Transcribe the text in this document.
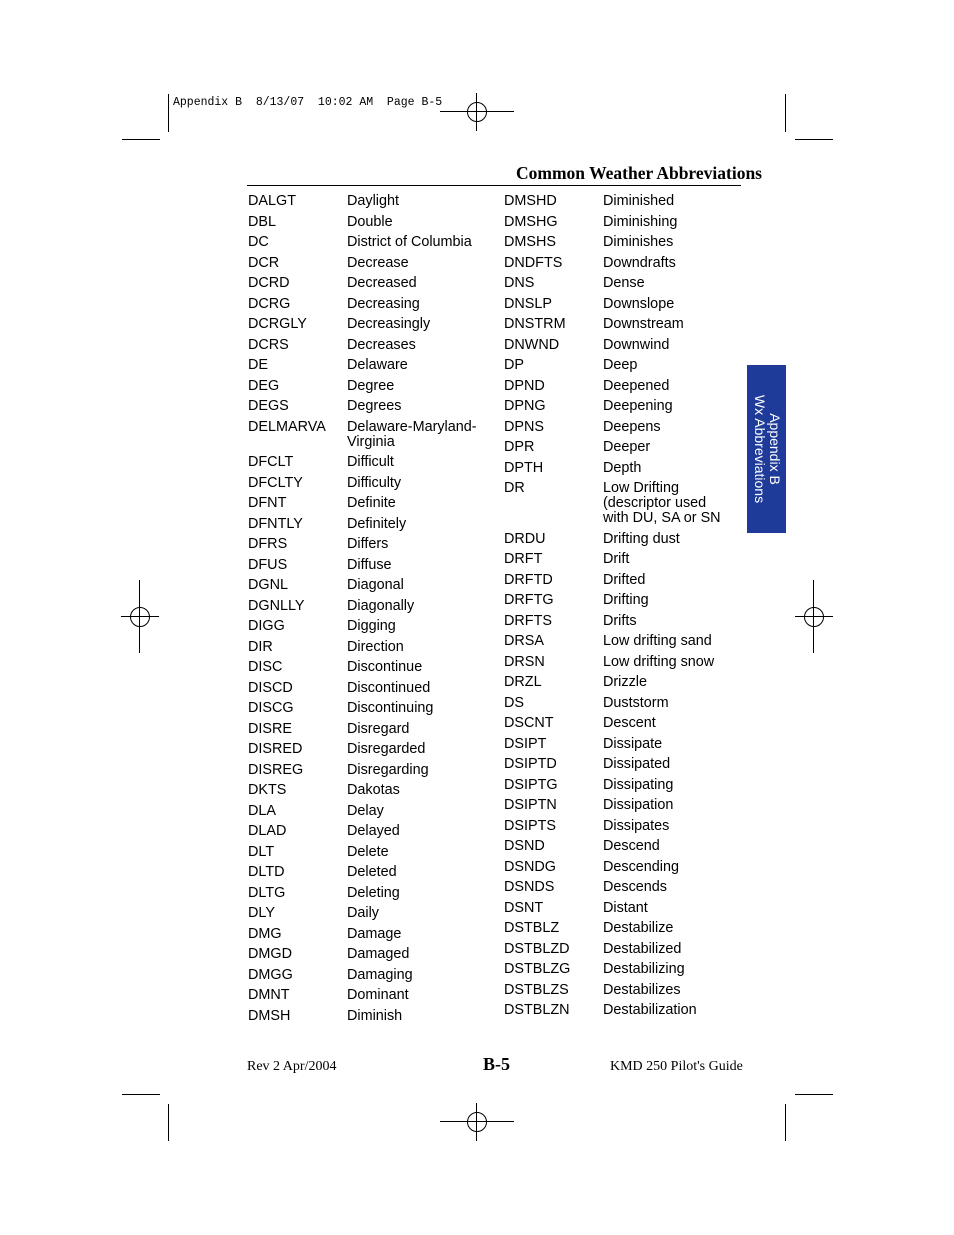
Appendix B  8/13/07  10:02 AM  Page B-5
Common Weather Abbreviations
DALGT	Daylight
DBL	Double
DC	District of Columbia
DCR	Decrease
DCRD	Decreased
DCRG	Decreasing
DCRGLY	Decreasingly
DCRS	Decreases
DE	Delaware
DEG	Degree
DEGS	Degrees
DELMARVA	Delaware-Maryland-
Virginia
DFCLT	Difficult
DFCLTY	Difficulty
DFNT	Definite
DFNTLY	Definitely
DFRS	Differs
DFUS	Diffuse
DGNL	Diagonal
DGNLLY	Diagonally
DIGG	Digging
DIR	Direction
DISC	Discontinue
DISCD	Discontinued
DISCG	Discontinuing
DISRE	Disregard
DISRED	Disregarded
DISREG	Disregarding
DKTS	Dakotas
DLA	Delay
DLAD	Delayed
DLT	Delete
DLTD	Deleted
DLTG	Deleting
DLY	Daily
DMG	Damage
DMGD	Damaged
DMGG	Damaging
DMNT	Dominant
DMSH	Diminish
DMSHD	Diminished
DMSHG	Diminishing
DMSHS	Diminishes
DNDFTS	Downdrafts
DNS	Dense
DNSLP	Downslope
DNSTRM	Downstream
DNWND	Downwind
DP	Deep
DPND	Deepened
DPNG	Deepening
DPNS	Deepens
DPR	Deeper
DPTH	Depth
DR	Low Drifting
(descriptor used
with DU, SA or SN
DRDU	Drifting dust
DRFT	Drift
DRFTD	Drifted
DRFTG	Drifting
DRFTS	Drifts
DRSA	Low drifting sand
DRSN	Low drifting snow
DRZL	Drizzle
DS	Duststorm
DSCNT	Descent
DSIPT	Dissipate
DSIPTD	Dissipated
DSIPTG	Dissipating
DSIPTN	Dissipation
DSIPTS	Dissipates
DSND	Descend
DSNDG	Descending
DSNDS	Descends
DSNT	Distant
DSTBLZ	Destabilize
DSTBLZD	Destabilized
DSTBLZG	Destabilizing
DSTBLZS	Destabilizes
DSTBLZN	Destabilization
Appendix B
Wx Abbreviations
Rev 2 Apr/2004	B-5	KMD 250 Pilot's Guide
